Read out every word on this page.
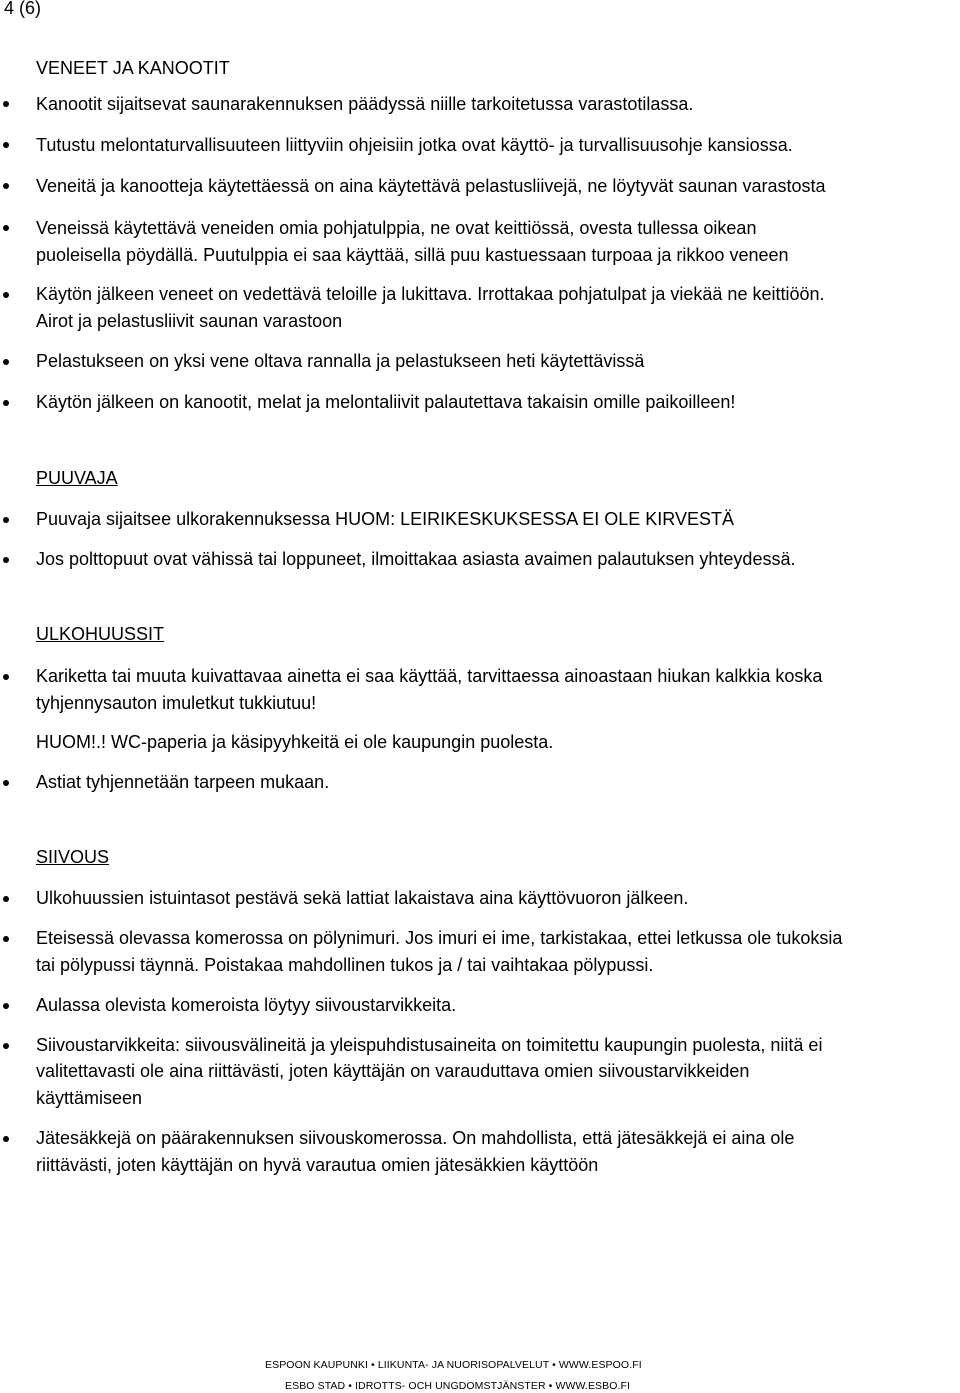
4 (6)
VENEET JA KANOOTIT
Kanootit sijaitsevat saunarakennuksen päädyssä niille tarkoitetussa varastotilassa.
Tutustu melontaturvallisuuteen liittyviin ohjeisiin jotka ovat käyttö- ja turvallisuusohje kansiossa.
Veneitä ja kanootteja käytettäessä on aina käytettävä pelastusliivejä, ne löytyvät saunan varastosta
Veneissä käytettävä veneiden omia pohjatulppia, ne ovat keittiössä, ovesta tullessa oikean
puoleisella pöydällä. Puutulppia ei saa käyttää, sillä puu kastuessaan turpoaa ja rikkoo veneen
Käytön jälkeen veneet on vedettävä teloille ja lukittava. Irrottakaa pohjatulpat ja viekää ne keittiöön.
Airot ja pelastusliivit saunan varastoon
Pelastukseen on yksi vene oltava rannalla ja pelastukseen heti käytettävissä
Käytön jälkeen on kanootit, melat ja melontaliivit palautettava takaisin omille paikoilleen!
PUUVAJA
Puuvaja sijaitsee ulkorakennuksessa HUOM: LEIRIKESKUKSESSA EI OLE KIRVESTÄ
Jos polttopuut ovat vähissä tai loppuneet, ilmoittakaa asiasta avaimen palautuksen yhteydessä.
ULKOHUUSSIT
Kariketta tai muuta kuivattavaa ainetta ei saa käyttää, tarvittaessa ainoastaan hiukan kalkkia koska
tyhjennysauton imuletkut tukkiutuu!
HUOM!.! WC-paperia ja käsipyyhkeitä ei ole kaupungin puolesta.
Astiat tyhjennetään tarpeen mukaan.
SIIVOUS
Ulkohuussien istuintasot pestävä sekä lattiat lakaistava aina käyttövuoron jälkeen.
Eteisessä olevassa komerossa on pölynimuri. Jos imuri ei ime, tarkistakaa, ettei letkussa ole tukoksia
tai pölypussi täynnä. Poistakaa mahdollinen tukos ja / tai vaihtakaa pölypussi.
Aulassa olevista komeroista löytyy siivoustarvikkeita.
Siivoustarvikkeita: siivousvälineitä ja yleispuhdistusaineita on toimitettu kaupungin puolesta, niitä ei
valitettavasti ole aina riittävästi, joten käyttäjän on varauduttava omien siivoustarvikkeiden
käyttämiseen
Jätesäkkejä on päärakennuksen siivouskomerossa. On mahdollista, että jätesäkkejä ei aina ole
riittävästi, joten käyttäjän on hyvä varautua omien jätesäkkien käyttöön
ESPOON KAUPUNKI • LIIKUNTA- JA NUORISOPALVELUT • WWW.ESPOO.FI
ESBO STAD • IDROTTS- OCH UNGDOMSTJÄNSTER • WWW.ESBO.FI
